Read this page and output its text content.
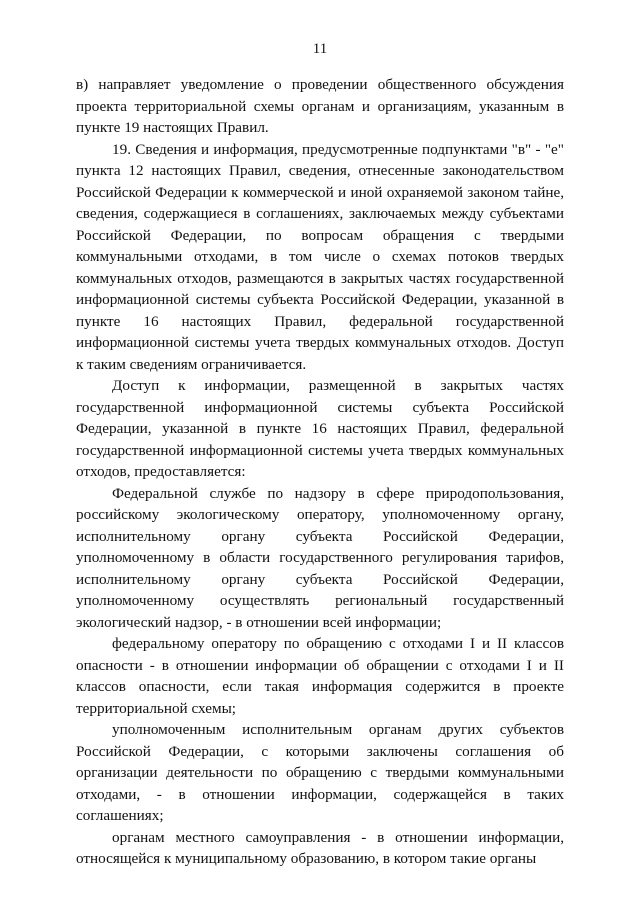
11

в) направляет уведомление о проведении общественного обсуждения проекта территориальной схемы органам и организациям, указанным в пункте 19 настоящих Правил.

19. Сведения и информация, предусмотренные подпунктами "в" - "е" пункта 12 настоящих Правил, сведения, отнесенные законодательством Российской Федерации к коммерческой и иной охраняемой законом тайне, сведения, содержащиеся в соглашениях, заключаемых между субъектами Российской Федерации, по вопросам обращения с твердыми коммунальными отходами, в том числе о схемах потоков твердых коммунальных отходов, размещаются в закрытых частях государственной информационной системы субъекта Российской Федерации, указанной в пункте 16 настоящих Правил, федеральной государственной информационной системы учета твердых коммунальных отходов. Доступ к таким сведениям ограничивается.

Доступ к информации, размещенной в закрытых частях государственной информационной системы субъекта Российской Федерации, указанной в пункте 16 настоящих Правил, федеральной государственной информационной системы учета твердых коммунальных отходов, предоставляется:

Федеральной службе по надзору в сфере природопользования, российскому экологическому оператору, уполномоченному органу, исполнительному органу субъекта Российской Федерации, уполномоченному в области государственного регулирования тарифов, исполнительному органу субъекта Российской Федерации, уполномоченному осуществлять региональный государственный экологический надзор, - в отношении всей информации;

федеральному оператору по обращению с отходами I и II классов опасности - в отношении информации об обращении с отходами I и II классов опасности, если такая информация содержится в проекте территориальной схемы;

уполномоченным исполнительным органам других субъектов Российской Федерации, с которыми заключены соглашения об организации деятельности по обращению с твердыми коммунальными отходами, - в отношении информации, содержащейся в таких соглашениях;

органам местного самоуправления - в отношении информации, относящейся к муниципальному образованию, в котором такие органы
